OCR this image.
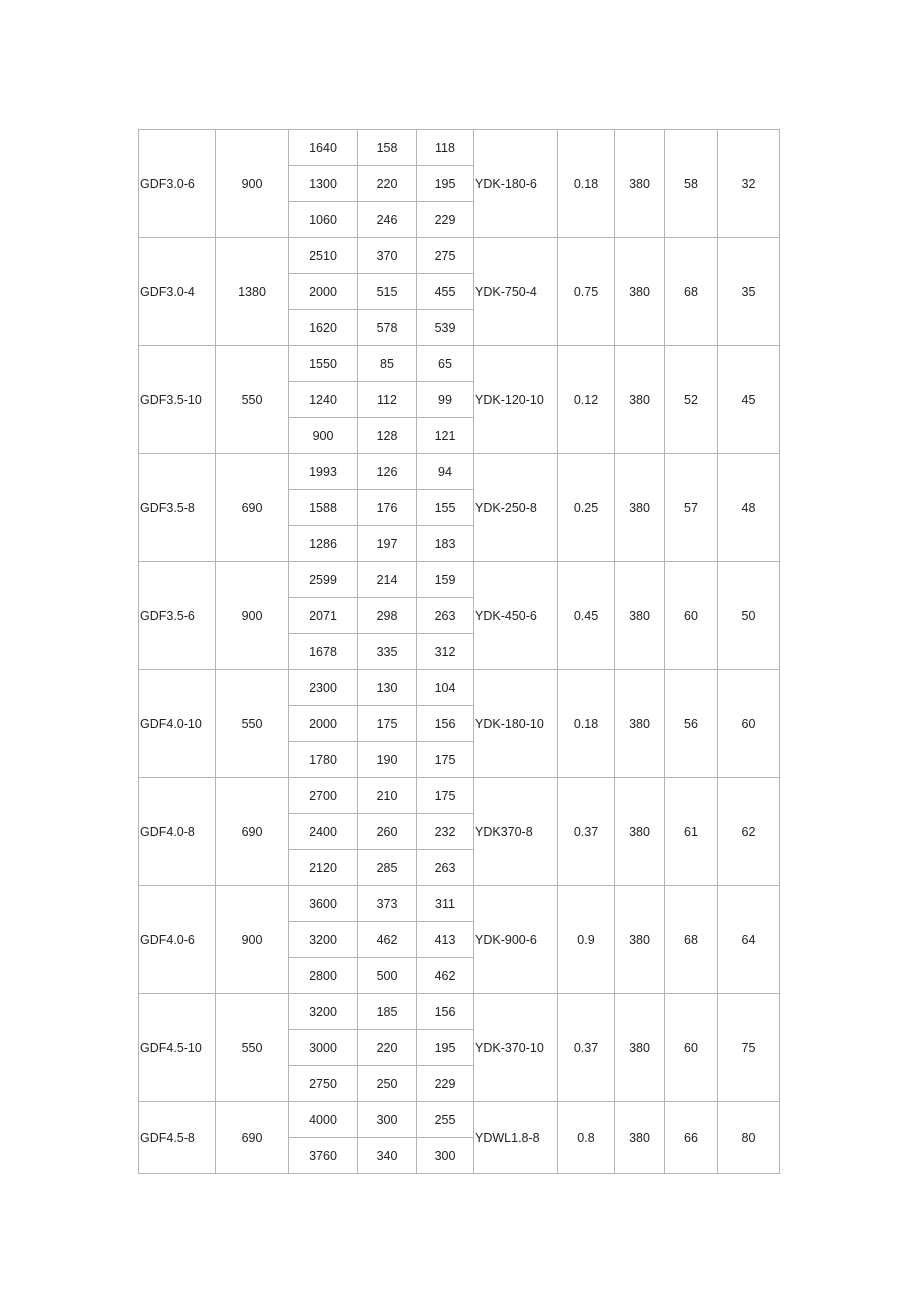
GDF3.0-6	900	1640	158	118	YDK-180-6	0.18	380	58	32
		1300	220	195					
		1060	246	229					
GDF3.0-4	1380	2510	370	275	YDK-750-4	0.75	380	68	35
		2000	515	455					
		1620	578	539					
GDF3.5-10	550	1550	85	65	YDK-120-10	0.12	380	52	45
		1240	112	99					
		900	128	121					
GDF3.5-8	690	1993	126	94	YDK-250-8	0.25	380	57	48
		1588	176	155					
		1286	197	183					
GDF3.5-6	900	2599	214	159	YDK-450-6	0.45	380	60	50
		2071	298	263					
		1678	335	312					
GDF4.0-10	550	2300	130	104	YDK-180-10	0.18	380	56	60
		2000	175	156					
		1780	190	175					
GDF4.0-8	690	2700	210	175	YDK370-8	0.37	380	61	62
		2400	260	232					
		2120	285	263					
GDF4.0-6	900	3600	373	311	YDK-900-6	0.9	380	68	64
		3200	462	413					
		2800	500	462					
GDF4.5-10	550	3200	185	156	YDK-370-10	0.37	380	60	75
		3000	220	195					
		2750	250	229					
GDF4.5-8	690	4000	300	255	YDWL1.8-8	0.8	380	66	80
		3760	340	300					
